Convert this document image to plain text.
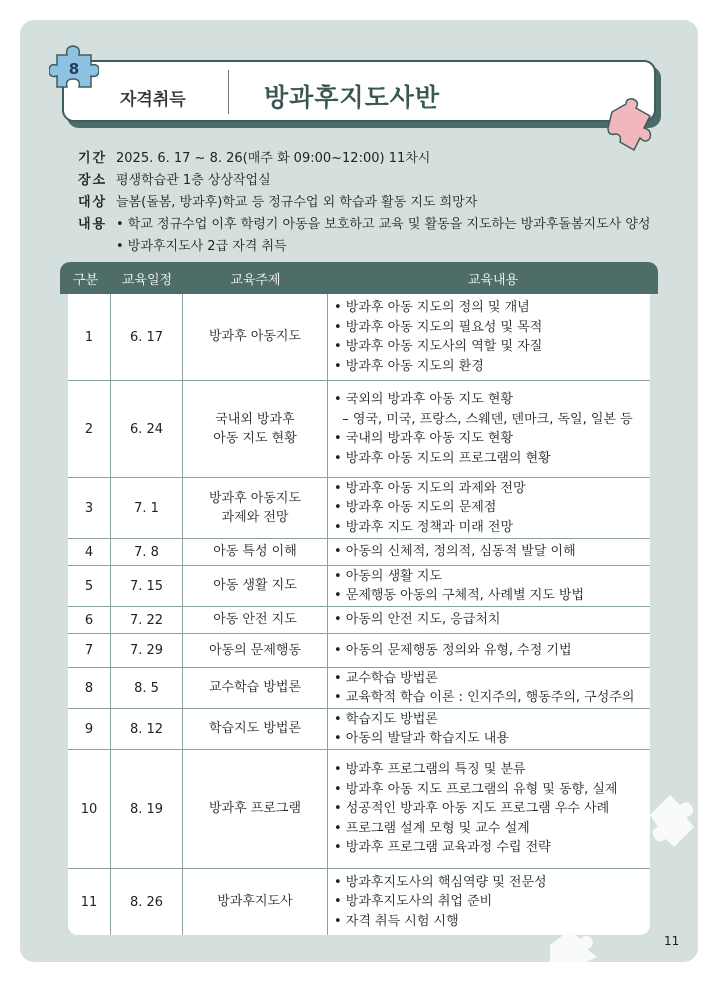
8
자격취득	방과후지도사반
기간 2025. 6. 17 ~ 8. 26(매주 화 09:00~12:00) 11차시
장소 평생학습관 1층 상상작업실
대상 늘봄(돌봄, 방과후)학교 등 정규수업 외 학습과 활동 지도 희망자
내용 • 학교 정규수업 이후 학령기 아동을 보호하고 교육 및 활동을 지도하는 방과후돌봄지도사 양성
• 방과후지도사 2급 자격 취득
구분	교육일정	교육주제	교육내용
1	6. 17	방과후 아동지도
• 방과후 아동 지도의 정의 및 개념
• 방과후 아동 지도의 필요성 및 목적
• 방과후 아동 지도사의 역할 및 자질
• 방과후 아동 지도의 환경
2	6. 24
국내외 방과후
아동 지도 현황
• 국외의 방과후 아동 지도 현황
– 영국, 미국, 프랑스, 스웨덴, 덴마크, 독일, 일본 등
• 국내의 방과후 아동 지도 현황
• 방과후 아동 지도의 프로그램의 현황
3	7. 1
방과후 아동지도
과제와 전망
• 방과후 아동 지도의 과제와 전망
• 방과후 아동 지도의 문제점
• 방과후 지도 정책과 미래 전망
4	7. 8	아동 특성 이해	• 아동의 신체적, 정의적, 심동적 발달 이해
5	7. 15	아동 생활 지도
• 아동의 생활 지도
• 문제행동 아동의 구체적, 사례별 지도 방법
6	7. 22	아동 안전 지도	• 아동의 안전 지도, 응급처치
7	7. 29	아동의 문제행동	• 아동의 문제행동 정의와 유형, 수정 기법
8	8. 5	교수학습 방법론
• 교수학습 방법론
• 교육학적 학습 이론 : 인지주의, 행동주의, 구성주의
9	8. 12	학습지도 방법론
• 학습지도 방법론
• 아동의 발달과 학습지도 내용
10	8. 19	방과후 프로그램
• 방과후 프로그램의 특징 및 분류
• 방과후 아동 지도 프로그램의 유형 및 동향, 실제
• 성공적인 방과후 아동 지도 프로그램 우수 사례
• 프로그램 설계 모형 및 교수 설계
• 방과후 프로그램 교육과정 수립 전략
11	8. 26	방과후지도사
• 방과후지도사의 핵심역량 및 전문성
• 방과후지도사의 취업 준비
• 자격 취득 시험 시행
11
